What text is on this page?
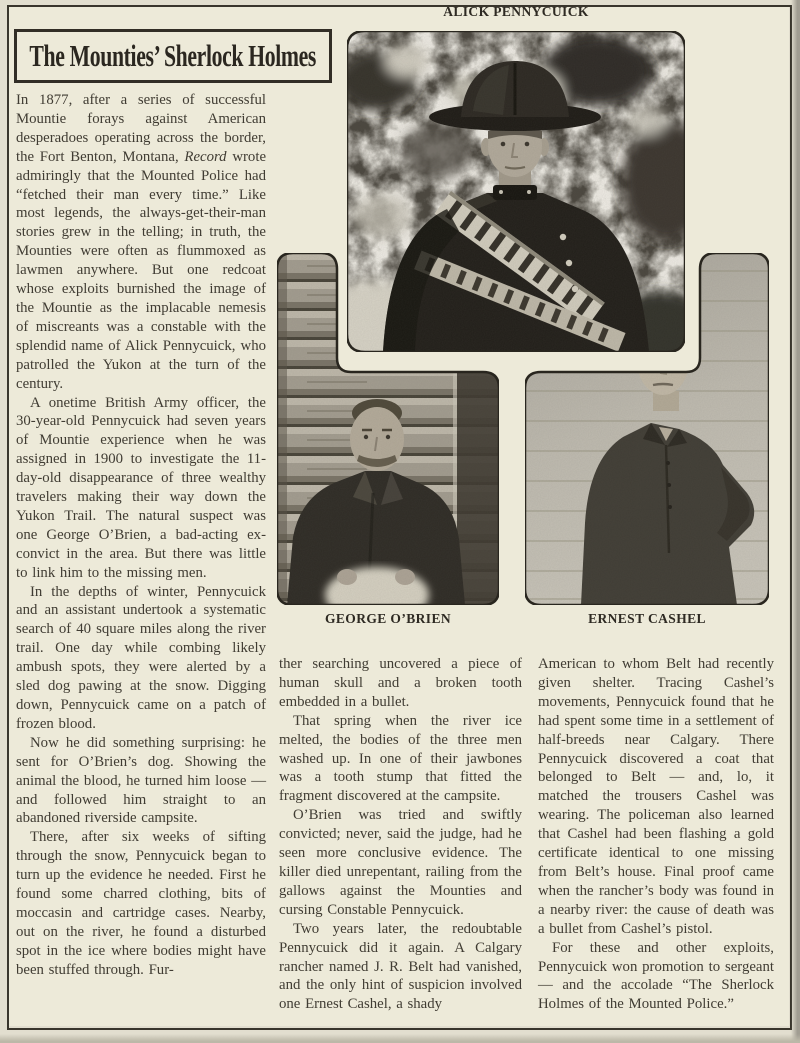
The Mounties’ Sherlock Holmes
ALICK PENNYCUICK
GEORGE O’BRIEN	ERNEST CASHEL

In 1877, after a series of successful Mountie forays against American desperadoes operating across the border, the Fort Benton, Montana, Record wrote admiringly that the Mounted Police had “fetched their man every time.” Like most legends, the always-get-their-man stories grew in the telling; in truth, the Mounties were often as flummoxed as lawmen anywhere. But one redcoat whose exploits burnished the image of the Mountie as the implacable nemesis of miscreants was a constable with the splendid name of Alick Pennycuick, who patrolled the Yukon at the turn of the century.

A onetime British Army officer, the 30-year-old Pennycuick had seven years of Mountie experience when he was assigned in 1900 to investigate the 11-day-old disappearance of three wealthy travelers making their way down the Yukon Trail. The natural suspect was one George O’Brien, a bad-acting ex-convict in the area. But there was little to link him to the missing men.

In the depths of winter, Pennycuick and an assistant undertook a systematic search of 40 square miles along the river trail. One day while combing likely ambush spots, they were alerted by a sled dog pawing at the snow. Digging down, Pennycuick came on a patch of frozen blood.

Now he did something surprising: he sent for O’Brien’s dog. Showing the animal the blood, he turned him loose — and followed him straight to an abandoned riverside campsite.

There, after six weeks of sifting through the snow, Pennycuick began to turn up the evidence he needed. First he found some charred clothing, bits of moccasin and cartridge cases. Nearby, out on the river, he found a disturbed spot in the ice where bodies might have been stuffed through. Fur-

ther searching uncovered a piece of human skull and a broken tooth embedded in a bullet.

That spring when the river ice melted, the bodies of the three men washed up. In one of their jawbones was a tooth stump that fitted the fragment discovered at the campsite.

O’Brien was tried and swiftly convicted; never, said the judge, had he seen more conclusive evidence. The killer died unrepentant, railing from the gallows against the Mounties and cursing Constable Pennycuick.

Two years later, the redoubtable Pennycuick did it again. A Calgary rancher named J. R. Belt had vanished, and the only hint of suspicion involved one Ernest Cashel, a shady

American to whom Belt had recently given shelter. Tracing Cashel’s movements, Pennycuick found that he had spent some time in a settlement of half-breeds near Calgary. There Pennycuick discovered a coat that belonged to Belt — and, lo, it matched the trousers Cashel was wearing. The policeman also learned that Cashel had been flashing a gold certificate identical to one missing from Belt’s house. Final proof came when the rancher’s body was found in a nearby river: the cause of death was a bullet from Cashel’s pistol.

For these and other exploits, Pennycuick won promotion to sergeant — and the accolade “The Sherlock Holmes of the Mounted Police.”
